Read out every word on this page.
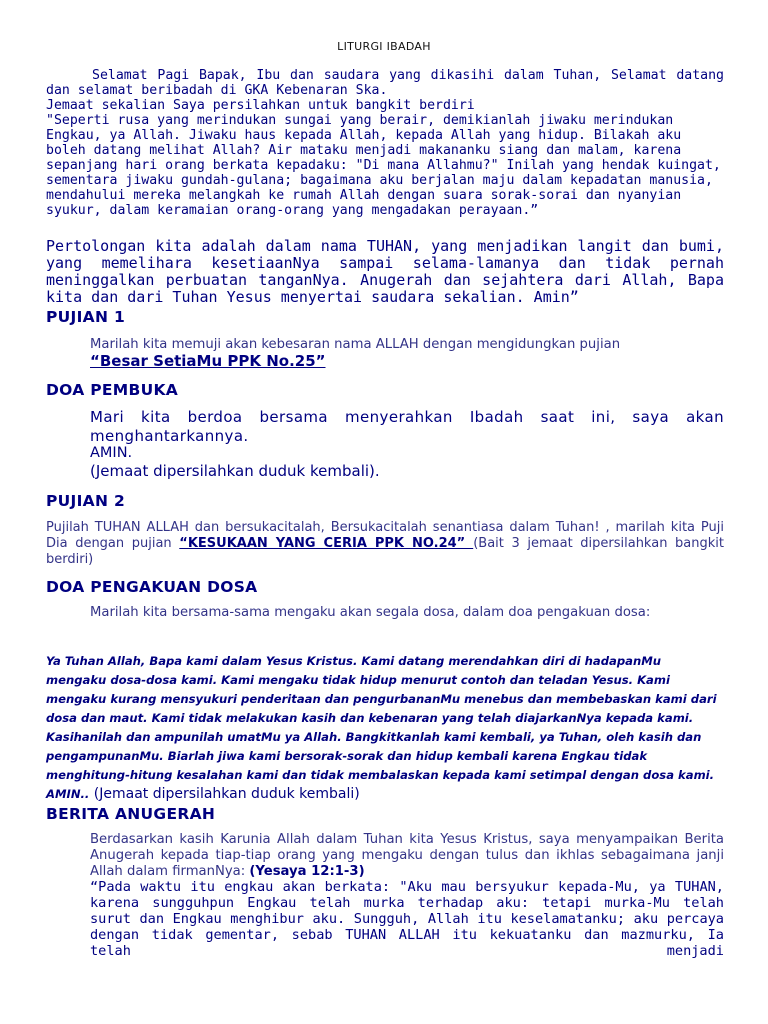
LITURGI IBADAH
Selamat Pagi Bapak, Ibu dan saudara yang dikasihi dalam Tuhan, Selamat datang dan selamat beribadah di GKA Kebenaran Ska.
Jemaat sekalian Saya persilahkan untuk bangkit berdiri
"Seperti rusa yang merindukan sungai yang berair, demikianlah jiwaku merindukan Engkau, ya Allah. Jiwaku haus kepada Allah, kepada Allah yang hidup. Bilakah aku boleh datang melihat Allah? Air mataku menjadi makananku siang dan malam, karena sepanjang hari orang berkata kepadaku: "Di mana Allahmu?" Inilah yang hendak kuingat, sementara jiwaku gundah-gulana; bagaimana aku berjalan maju dalam kepadatan manusia, mendahului mereka melangkah ke rumah Allah dengan suara sorak-sorai dan nyanyian syukur, dalam keramaian orang-orang yang mengadakan perayaan.”
Pertolongan kita adalah dalam nama TUHAN, yang menjadikan langit dan bumi, yang memelihara kesetiaanNya sampai selama-lamanya dan tidak pernah meninggalkan perbuatan tanganNya. Anugerah dan sejahtera dari Allah, Bapa kita dan dari Tuhan Yesus menyertai saudara sekalian. Amin”
PUJIAN 1
Marilah kita memuji akan kebesaran nama ALLAH dengan mengidungkan pujian
“Besar SetiaMu PPK No.25”
DOA PEMBUKA
Mari kita berdoa bersama menyerahkan Ibadah saat ini, saya akan menghantarkannya.
AMIN.
(Jemaat dipersilahkan duduk kembali).
PUJIAN 2
Pujilah TUHAN ALLAH dan bersukacitalah, Bersukacitalah senantiasa dalam Tuhan! , marilah kita Puji Dia dengan pujian “KESUKAAN YANG CERIA PPK NO.24” (Bait 3 jemaat dipersilahkan bangkit berdiri)
DOA PENGAKUAN DOSA
Marilah kita bersama-sama mengaku akan segala dosa, dalam doa pengakuan dosa:
Ya Tuhan Allah, Bapa kami dalam Yesus Kristus. Kami datang merendahkan diri di hadapanMu mengaku dosa-dosa kami. Kami mengaku tidak hidup menurut contoh dan teladan Yesus. Kami mengaku kurang mensyukuri penderitaan dan pengurbananMu menebus dan membebaskan kami dari dosa dan maut. Kami tidak melakukan kasih dan kebenaran yang telah diajarkanNya kepada kami. Kasihanilah dan ampunilah umatMu ya Allah. Bangkitkanlah kami kembali, ya Tuhan, oleh kasih dan pengampunanMu. Biarlah jiwa kami bersorak-sorak dan hidup kembali karena Engkau tidak menghitung-hitung kesalahan kami dan tidak membalaskan kepada kami setimpal dengan dosa kami. AMIN.. (Jemaat dipersilahkan duduk kembali)
BERITA ANUGERAH
Berdasarkan kasih Karunia Allah dalam Tuhan kita Yesus Kristus, saya menyampaikan Berita Anugerah kepada tiap-tiap orang yang mengaku dengan tulus dan ikhlas sebagaimana janji Allah dalam firmanNya: (Yesaya 12:1-3)
“Pada waktu itu engkau akan berkata: "Aku mau bersyukur kepada-Mu, ya TUHAN, karena sungguhpun Engkau telah murka terhadap aku: tetapi murka-Mu telah surut dan Engkau menghibur aku. Sungguh, Allah itu keselamatanku; aku percaya dengan tidak gementar, sebab TUHAN ALLAH itu kekuatanku dan mazmurku, Ia telah menjadi
